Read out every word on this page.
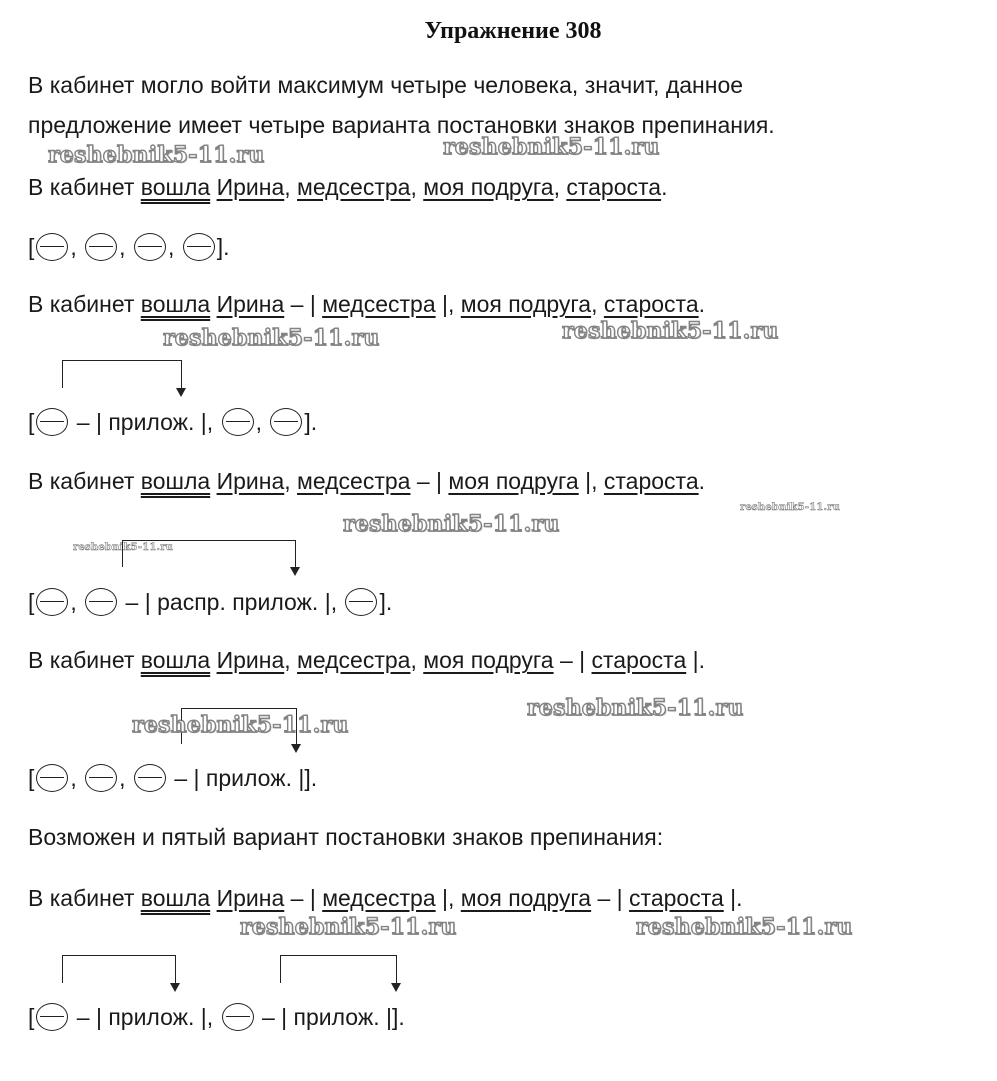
Упражнение 308
В кабинет могло войти максимум четыре человека, значит, данное
предложение имеет четыре варианта постановки знаков препинания.
reshebnik5-11.ru	reshebnik5-11.ru
В кабинет вошла Ирина, медсестра, моя подруга, староста.
[ , , , ].
В кабинет вошла Ирина – | медсестра |, моя подруга, староста.
reshebnik5-11.ru	reshebnik5-11.ru
[ – | прилож. |, , ].
В кабинет вошла Ирина, медсестра – | моя подруга |, староста.
reshebnik5-11.ru
reshebnik5-11.ru
reshebnik5-11.ru
[ ,  – | распр. прилож. |, ].
В кабинет вошла Ирина, медсестра, моя подруга – | староста |.
reshebnik5-11.ru
reshebnik5-11.ru
[ , ,  – | прилож. |].
Возможен и пятый вариант постановки знаков препинания:
В кабинет вошла Ирина – | медсестра |, моя подруга – | староста |.
reshebnik5-11.ru	reshebnik5-11.ru
[ – | прилож. |,  – | прилож. |].
